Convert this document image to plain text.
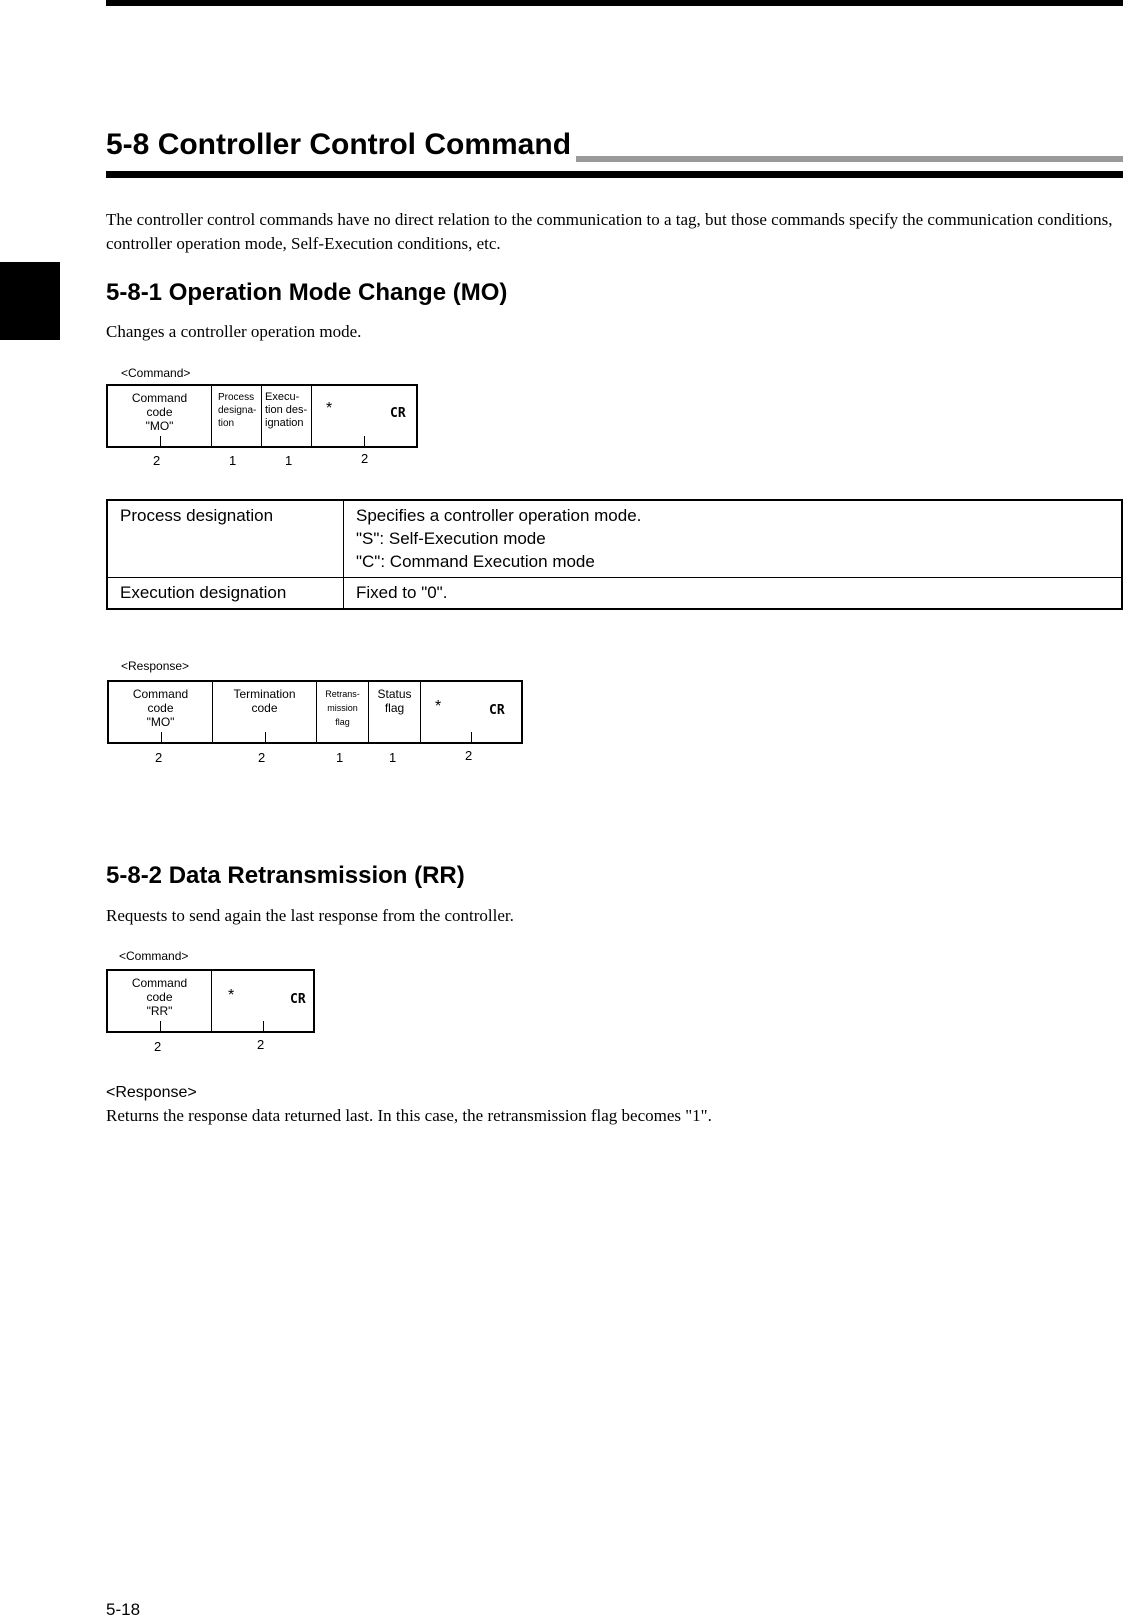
5-8 Controller Control Command
The controller control commands have no direct relation to the communication to a tag, but those commands specify the communication conditions, controller operation mode, Self-Execution conditions, etc.
5-8-1 Operation Mode Change (MO)
Changes a controller operation mode.
<Command>
Command
code
"MO"
Process
designa-
tion
Execu-
tion des-
ignation
*	CR
2	1	1	2
Process designation	Specifies a controller operation mode.
"S": Self-Execution mode
"C": Command Execution mode

Execution designation	Fixed to "0".
<Response>
Command
code
"MO"
Termination
code
Retrans-
mission
flag
Status
flag	*	CR
2	2	1	1	2
5-8-2 Data Retransmission (RR)
Requests to send again the last response from the controller.
<Command>
Command
code
"RR"
*	CR
2	2
<Response>
Returns the response data returned last. In this case, the retransmission flag becomes "1".
5-18
